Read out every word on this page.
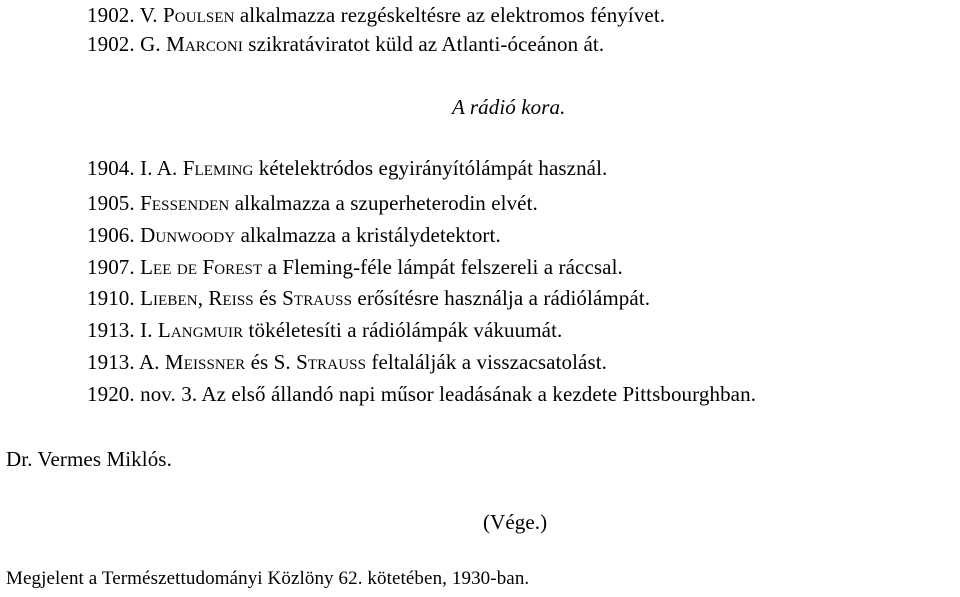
1902. V. Poulsen alkalmazza rezgéskeltésre az elektromos fényívet.
1902. G. Marconi szikratáviratot küld az Atlanti-óceánon át.
A rádió kora.
1904. I. A. Fleming kételektródos egyirányítólámpát használ.
1905. Fessenden alkalmazza a szuperheterodin elvét.
1906. Dunwoody alkalmazza a kristálydetektort.
1907. Lee de Forest a Fleming-féle lámpát felszereli a ráccsal.
1910. Lieben, Reiss és Strauss erősítésre használja a rádiólámpát.
1913. I. Langmuir tökéletesíti a rádiólámpák vákuumát.
1913. A. Meissner és S. Strauss feltalálják a visszacsatolást.
1920. nov. 3. Az első állandó napi műsor leadásának a kezdete Pittsbourghban.
Dr. Vermes Miklós.
(Vége.)
Megjelent a Természettudományi Közlöny 62. kötetében, 1930-ban.
